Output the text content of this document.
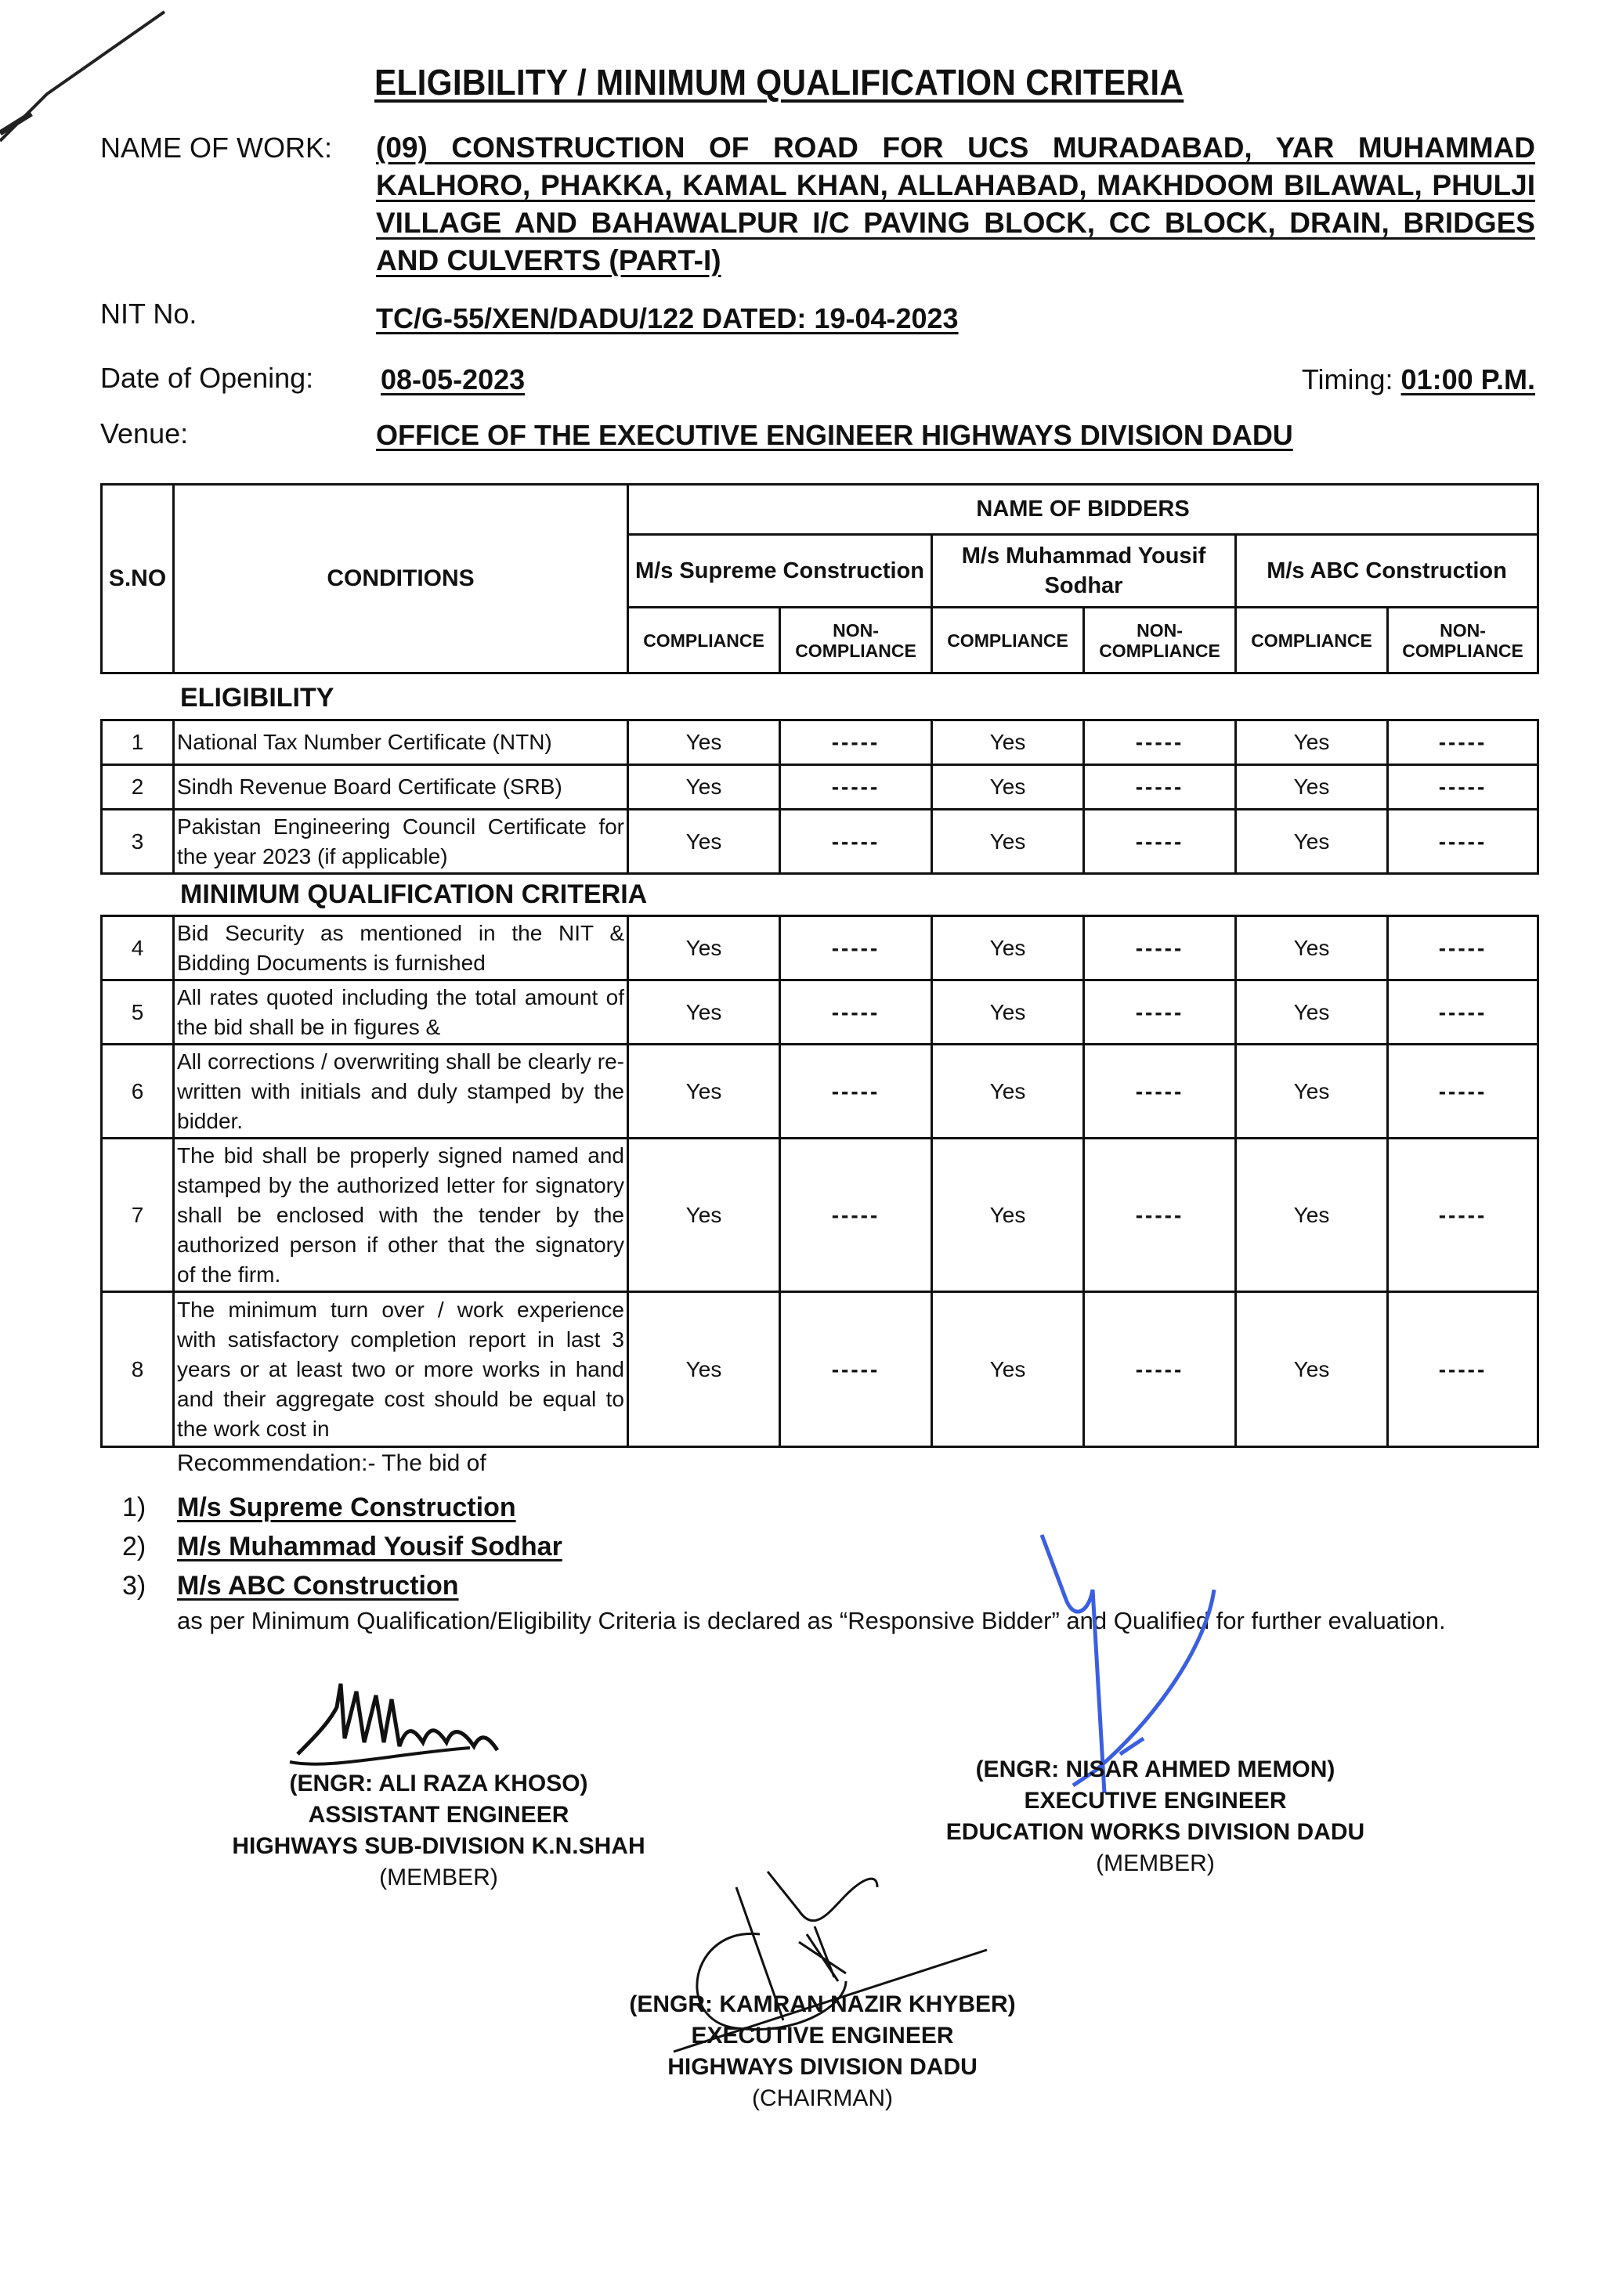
ELIGIBILITY / MINIMUM QUALIFICATION CRITERIA
NAME OF WORK: (09) CONSTRUCTION OF ROAD FOR UCS MURADABAD, YAR MUHAMMAD KALHORO, PHAKKA, KAMAL KHAN, ALLAHABAD, MAKHDOOM BILAWAL, PHULJI VILLAGE AND BAHAWALPUR I/C PAVING BLOCK, CC BLOCK, DRAIN, BRIDGES AND CULVERTS (PART-I)
NIT No.	TC/G-55/XEN/DADU/122 DATED: 19-04-2023
Date of Opening: 08-05-2023	Timing: 01:00 P.M.
Venue:	OFFICE OF THE EXECUTIVE ENGINEER HIGHWAYS DIVISION DADU
S.NO	CONDITIONS	NAME OF BIDDERS					
		M/s Supreme Construction		M/s Muhammad Yousif Sodhar		M/s ABC Construction	
		COMPLIANCE	NON-COMPLIANCE	COMPLIANCE	NON-COMPLIANCE	COMPLIANCE	NON-COMPLIANCE
ELIGIBILITY
1	National Tax Number Certificate (NTN)	Yes	-----	Yes	-----	Yes	-----
2	Sindh Revenue Board Certificate (SRB)	Yes	-----	Yes	-----	Yes	-----
3	Pakistan Engineering Council Certificate for the year 2023 (if applicable)	Yes	-----	Yes	-----	Yes	-----
MINIMUM QUALIFICATION CRITERIA
4	Bid Security as mentioned in the NIT & Bidding Documents is furnished	Yes	-----	Yes	-----	Yes	-----
5	All rates quoted including the total amount of the bid shall be in figures &	Yes	-----	Yes	-----	Yes	-----
6	All corrections / overwriting shall be clearly re-written with initials and duly stamped by the bidder.	Yes	-----	Yes	-----	Yes	-----
7	The bid shall be properly signed named and stamped by the authorized letter for signatory shall be enclosed with the tender by the authorized person if other that the signatory of the firm.	Yes	-----	Yes	-----	Yes	-----
8	The minimum turn over / work experience with satisfactory completion report in last 3 years or at least two or more works in hand and their aggregate cost should be equal to the work cost in	Yes	-----	Yes	-----	Yes	-----
Recommendation:- The bid of
1) M/s Supreme Construction
2) M/s Muhammad Yousif Sodhar
3) M/s ABC Construction
as per Minimum Qualification/Eligibility Criteria is declared as “Responsive Bidder” and Qualified for further evaluation.
(ENGR: ALI RAZA KHOSO)
ASSISTANT ENGINEER
HIGHWAYS SUB-DIVISION K.N.SHAH
(MEMBER)
(ENGR: NISAR AHMED MEMON)
EXECUTIVE ENGINEER
EDUCATION WORKS DIVISION DADU
(MEMBER)
(ENGR: KAMRAN NAZIR KHYBER)
EXECUTIVE ENGINEER
HIGHWAYS DIVISION DADU
(CHAIRMAN)
